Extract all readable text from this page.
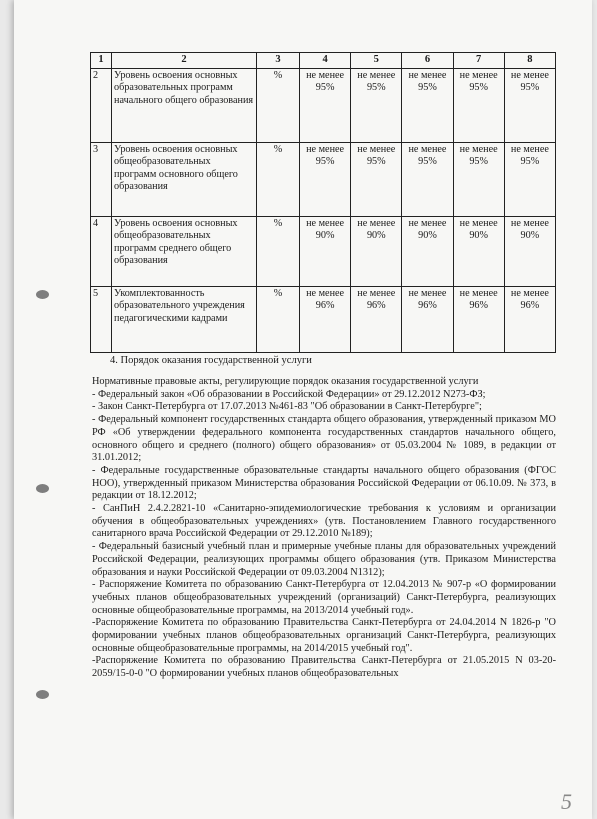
1	2	3	4	5	6	7	8
2	Уровень освоения основных образовательных программ начального общего образования	%	не менее 95%	не менее 95%	не менее 95%	не менее 95%	не менее 95%
3	Уровень освоения основных общеобразовательных программ основного общего образования	%	не менее 95%	не менее 95%	не менее 95%	не менее 95%	не менее 95%
4	Уровень освоения основных общеобразовательных программ среднего общего образования	%	не менее 90%	не менее 90%	не менее 90%	не менее 90%	не менее 90%
5	Укомплектованность образовательного учреждения педагогическими кадрами	%	не менее 96%	не менее 96%	не менее 96%	не менее 96%	не менее 96%
4. Порядок оказания государственной услуги

Нормативные правовые акты, регулирующие порядок оказания государственной услуги

- Федеральный закон «Об образовании в Российской Федерации» от 29.12.2012 N273-ФЗ;

- Закон Санкт-Петербурга от 17.07.2013 №461-83 "Об образовании в Санкт-Петербурге";

- Федеральный компонент государственных стандарта общего образования, утвержденный приказом МО РФ «Об утверждении федерального компонента государственных стандартов начального общего, основного общего и среднего (полного) общего образования» от 05.03.2004 № 1089, в редакции от 31.01.2012;

- Федеральные государственные образовательные стандарты начального общего образования (ФГОС НОО), утвержденный приказом Министерства образования Российской Федерации от 06.10.09. № 373, в редакции от 18.12.2012;

- СанПиН 2.4.2.2821-10 «Санитарно-эпидемиологические требования к условиям и организации обучения в общеобразовательных учреждениях» (утв. Постановлением Главного государственного санитарного врача Российской Федерации от 29.12.2010 №189);

- Федеральный базисный учебный план и примерные учебные планы для образовательных учреждений Российской Федерации, реализующих программы общего образования (утв. Приказом Министерства образования и науки Российской Федерации от 09.03.2004 N1312);

- Распоряжение Комитета по образованию Санкт-Петербурга от 12.04.2013 № 907-р «О формировании учебных планов общеобразовательных учреждений (организаций) Санкт-Петербурга, реализующих основные общеобразовательные программы, на 2013/2014 учебный год».

-Распоряжение Комитета по образованию Правительства Санкт-Петербурга от 24.04.2014 N 1826-р "О формировании учебных планов общеобразовательных организаций Санкт-Петербурга, реализующих основные общеобразовательные программы, на 2014/2015 учебный год".

-Распоряжение Комитета по образованию Правительства Санкт-Петербурга от 21.05.2015 N 03-20-2059/15-0-0 "О формировании учебных планов общеобразовательных

5
